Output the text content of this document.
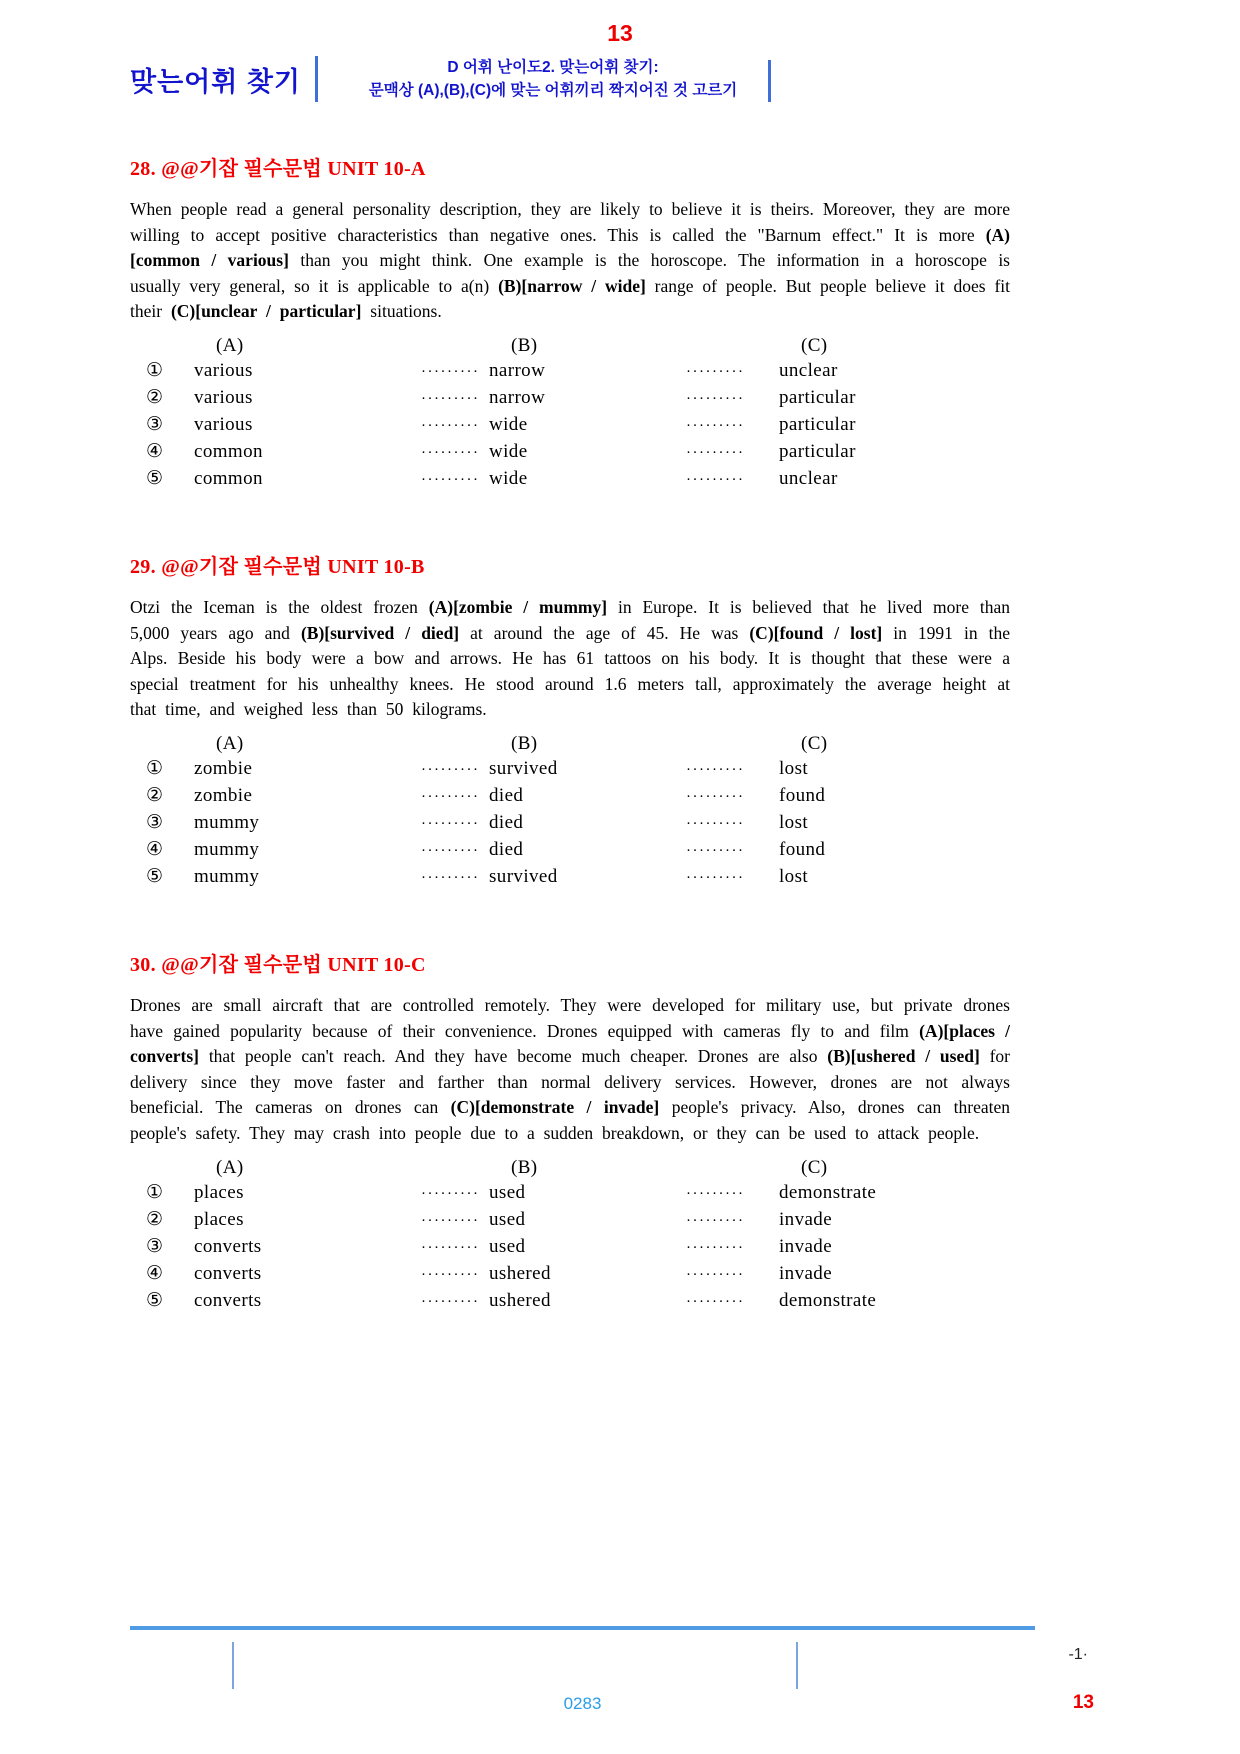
13
맞는어휘 찾기	D 어휘 난이도2. 맞는어휘 찾기:
문맥상 (A),(B),(C)에 맞는 어휘끼리 짝지어진 것 고르기
28. @@기잡 필수문법 UNIT 10-A

When people read a general personality description, they are likely to believe it is theirs. Moreover, they are more willing to accept positive characteristics than negative ones. This is called the "Barnum effect." It is more (A)[common / various] than you might think. One example is the horoscope. The information in a horoscope is usually very general, so it is applicable to a(n) (B)[narrow / wide] range of people. But people believe it does fit their (C)[unclear / particular] situations.

(A)	(B)	(C)
①	various	········· narrow	·········	unclear
②	various	········· narrow	·········	particular
③	various	········· wide	·········	particular
④	common	········· wide	·········	particular
⑤	common	········· wide	·········	unclear
29. @@기잡 필수문법 UNIT 10-B

Otzi the Iceman is the oldest frozen (A)[zombie / mummy] in Europe. It is believed that he lived more than 5,000 years ago and (B)[survived / died] at around the age of 45. He was (C)[found / lost] in 1991 in the Alps. Beside his body were a bow and arrows. He has 61 tattoos on his body. It is thought that these were a special treatment for his unhealthy knees. He stood around 1.6 meters tall, approximately the average height at that time, and weighed less than 50 kilograms.

(A)	(B)	(C)
①	zombie	········· survived	·········	lost
②	zombie	········· died	·········	found
③	mummy	········· died	·········	lost
④	mummy	········· died	·········	found
⑤	mummy	········· survived	·········	lost
30. @@기잡 필수문법 UNIT 10-C

Drones are small aircraft that are controlled remotely. They were developed for military use, but private drones have gained popularity because of their convenience. Drones equipped with cameras fly to and film (A)[places / converts] that people can't reach. And they have become much cheaper. Drones are also (B)[ushered / used] for delivery since they move faster and farther than normal delivery services. However, drones are not always beneficial. The cameras on drones can (C)[demonstrate / invade] people's privacy. Also, drones can threaten people's safety. They may crash into people due to a sudden breakdown, or they can be used to attack people.

(A)	(B)	(C)
①	places	········· used	·········	demonstrate
②	places	········· used	·········	invade
③	converts	········· used	·········	invade
④	converts	········· ushered	·········	invade
⑤	converts	········· ushered	·········	demonstrate
-1·
0283	13
